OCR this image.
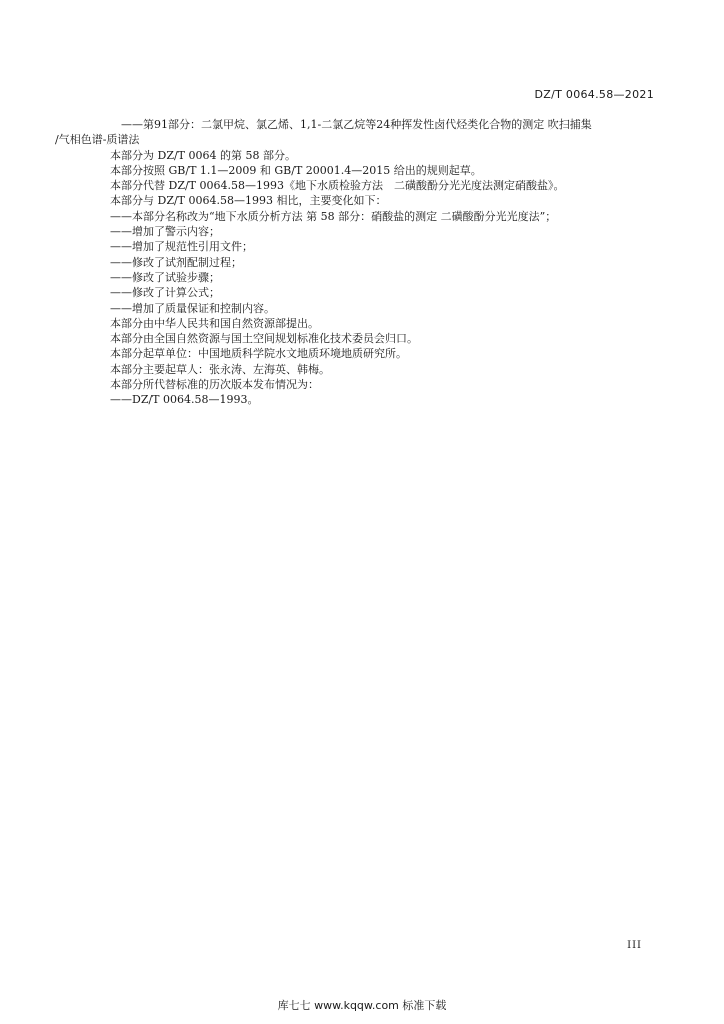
DZ/T 0064.58—2021
——第91部分：二氯甲烷、氯乙烯、1,1-二氯乙烷等24种挥发性卤代烃类化合物的测定 吹扫捕集
/气相色谱-质谱法
本部分为 DZ/T 0064 的第 58 部分。
本部分按照 GB/T 1.1—2009 和 GB/T 20001.4—2015 给出的规则起草。
本部分代替 DZ/T 0064.58—1993《地下水质检验方法　二磺酸酚分光光度法测定硝酸盐》。
本部分与 DZ/T 0064.58—1993 相比，主要变化如下：
——本部分名称改为“地下水质分析方法 第 58 部分：硝酸盐的测定 二磺酸酚分光光度法”；
——增加了警示内容；
——增加了规范性引用文件；
——修改了试剂配制过程；
——修改了试验步骤；
——修改了计算公式；
——增加了质量保证和控制内容。
本部分由中华人民共和国自然资源部提出。
本部分由全国自然资源与国土空间规划标准化技术委员会归口。
本部分起草单位：中国地质科学院水文地质环境地质研究所。
本部分主要起草人：张永涛、左海英、韩梅。
本部分所代替标准的历次版本发布情况为：
——DZ/T 0064.58—1993。
III
库七七 www.kqqw.com 标准下载
